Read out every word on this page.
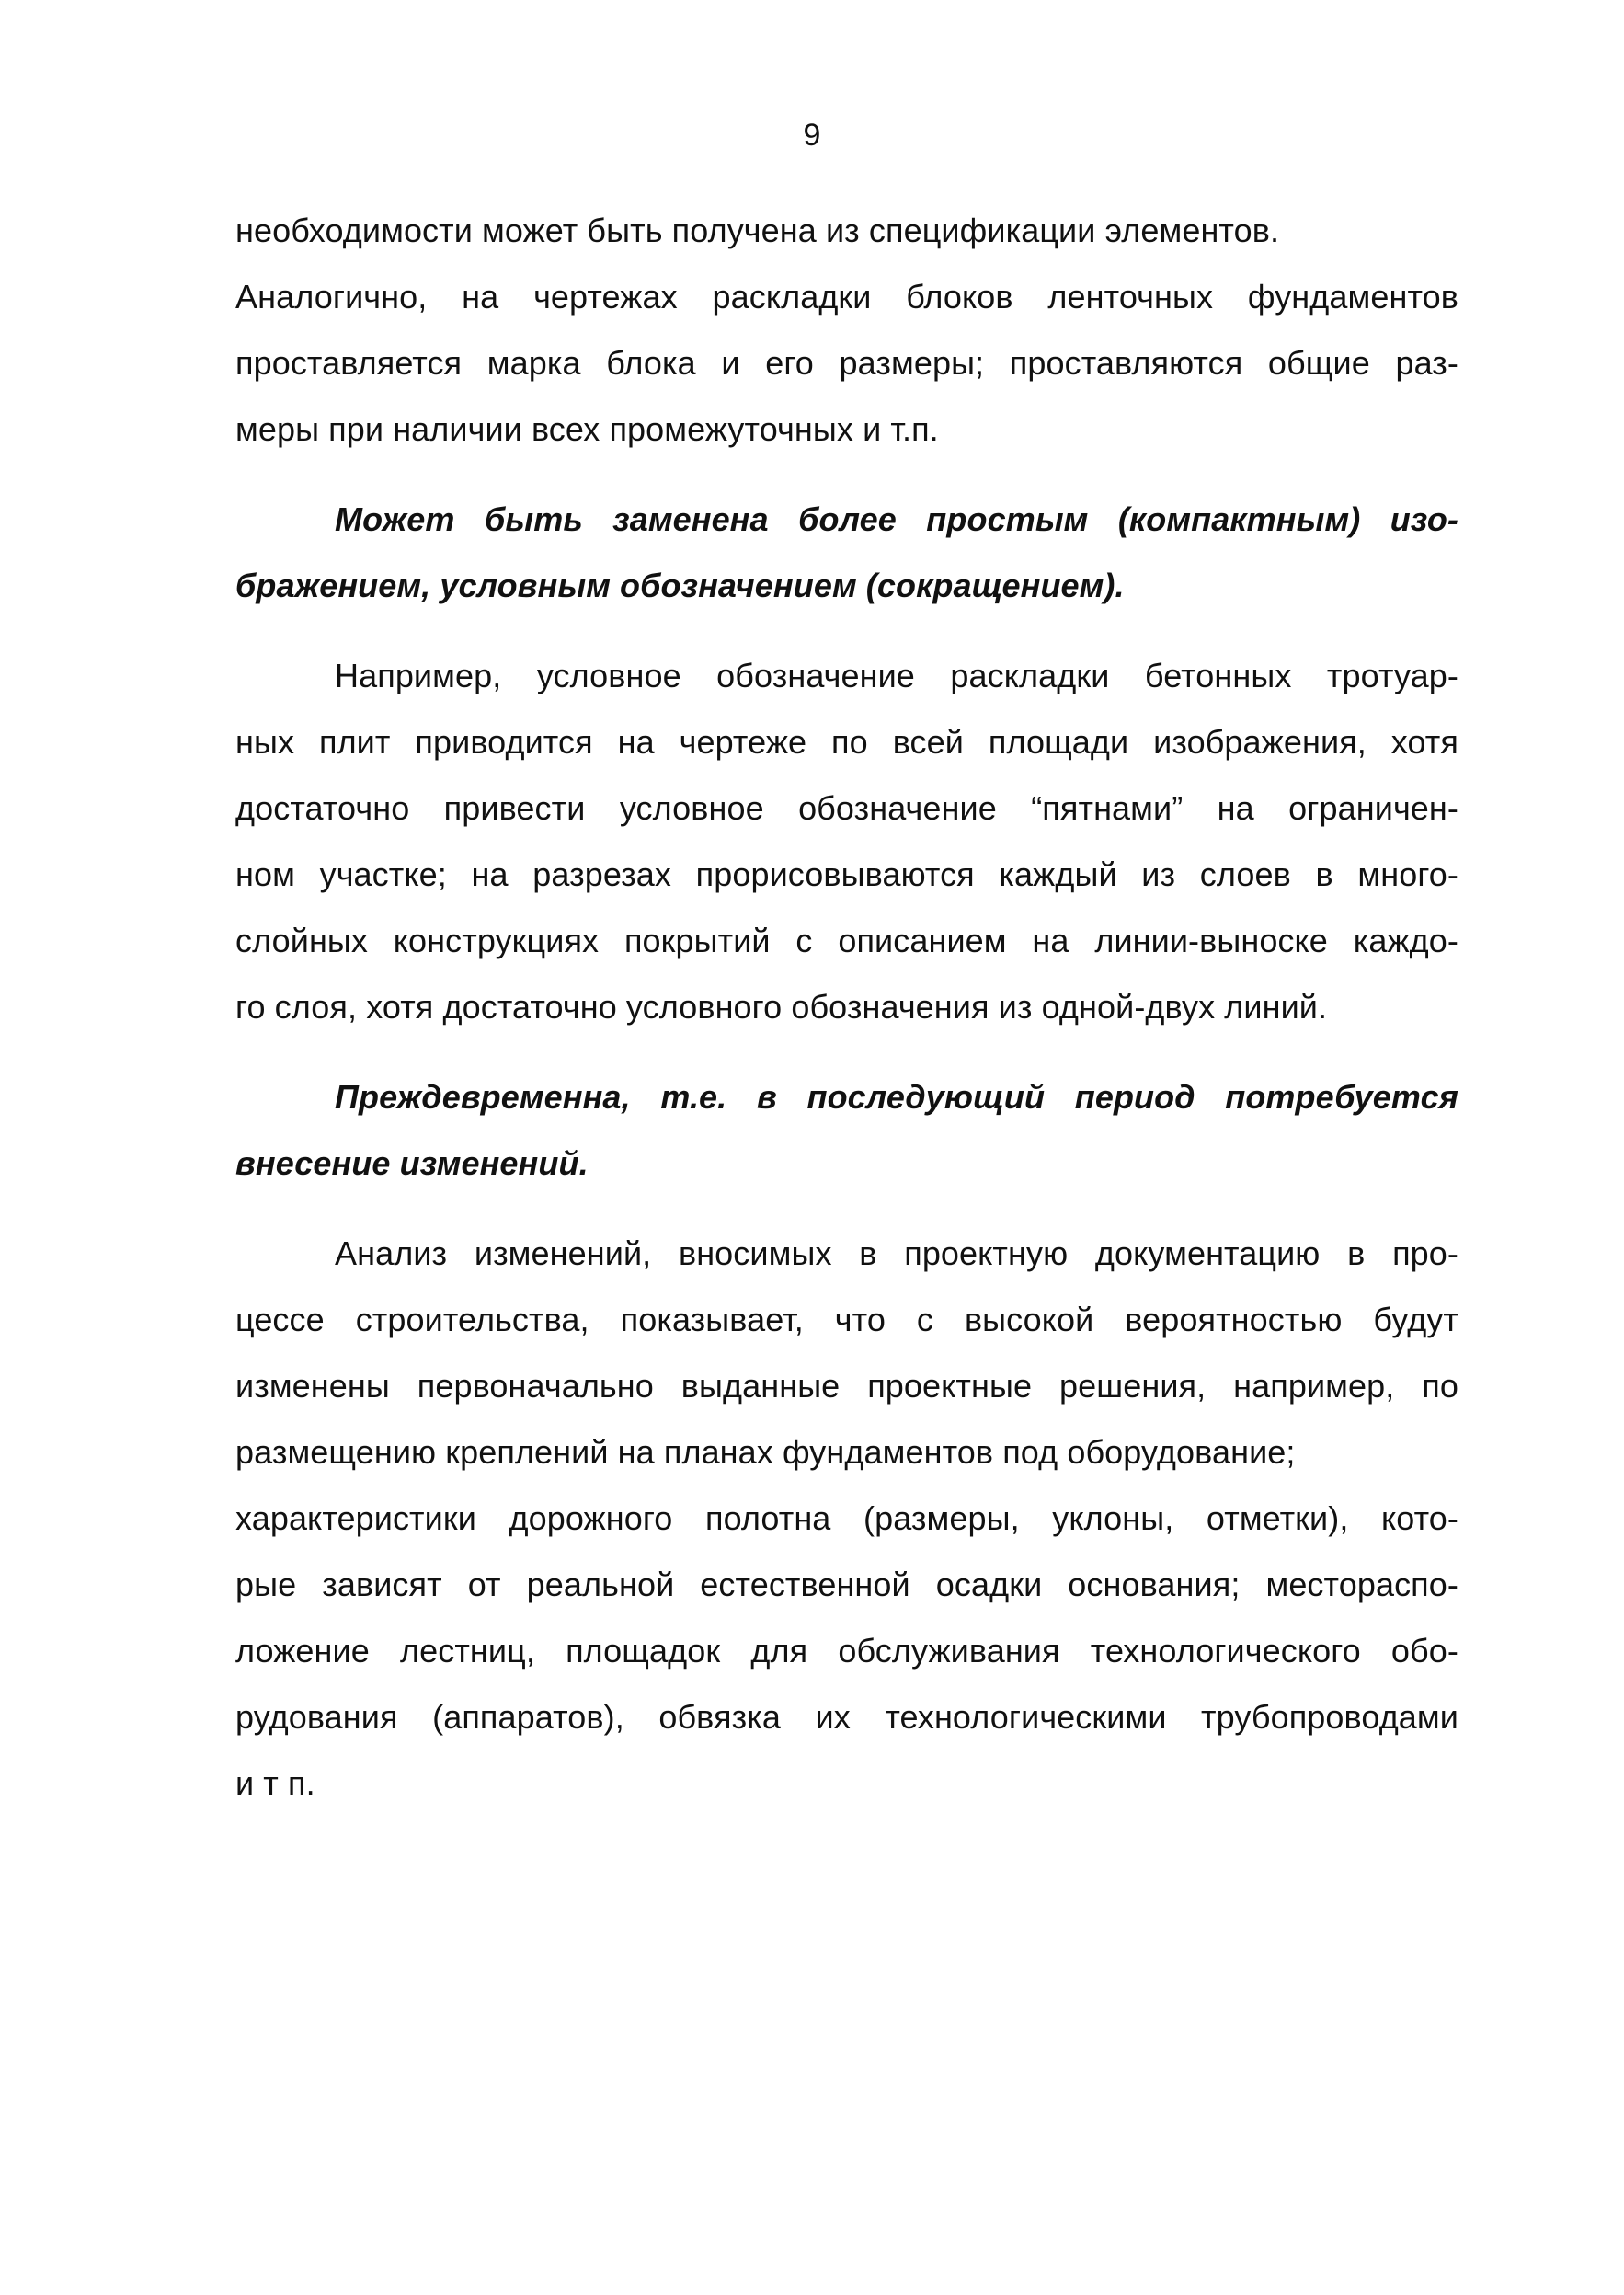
9
необходимости может быть получена из спецификации элементов.
Аналогично, на чертежах раскладки блоков ленточных фундаментов
проставляется марка блока и его размеры; проставляются общие раз-
меры при наличии всех промежуточных и т.п.
Может быть заменена более простым (компактным) изо-
бражением, условным обозначением (сокращением).
Например, условное обозначение раскладки бетонных тротуар-
ных плит приводится на чертеже по всей площади изображения, хотя
достаточно привести условное обозначение “пятнами” на ограничен-
ном участке; на разрезах прорисовываются каждый из слоев в много-
слойных конструкциях покрытий с описанием на линии-выноске каждо-
го слоя, хотя достаточно условного обозначения из одной-двух линий.
Преждевременна, т.е. в последующий период потребуется
внесение изменений.
Анализ изменений, вносимых в проектную документацию в про-
цессе строительства, показывает, что с высокой вероятностью будут
изменены первоначально выданные проектные решения, например, по
размещению креплений на планах фундаментов под оборудование;
характеристики дорожного полотна (размеры, уклоны, отметки), кото-
рые зависят от реальной естественной осадки основания; местораспо-
ложение лестниц, площадок для обслуживания технологического обо-
рудования (аппаратов), обвязка их технологическими трубопроводами
и т п.
